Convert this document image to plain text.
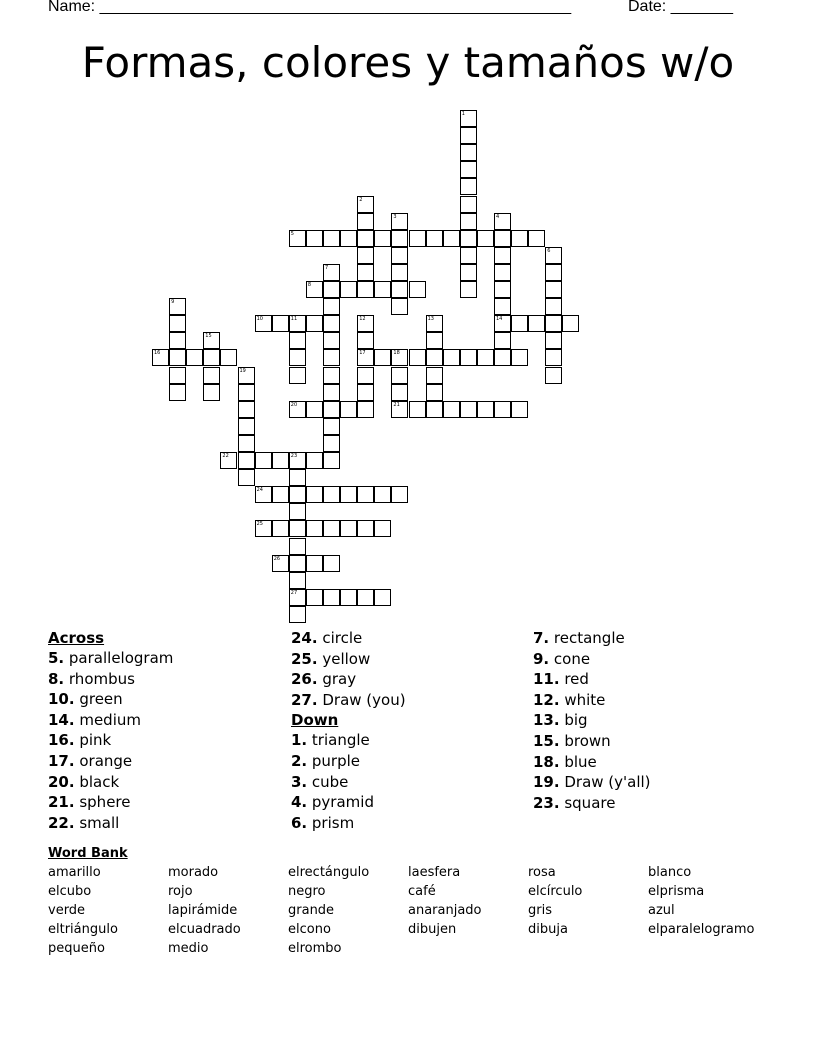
Name: _____________________________________________________	Date: _______
Formas, colores y tamaños w/o
5
8
10	11	14
16	17	18
20	21
22	23
24
25
26
27
1
2
3	4
6
7
9
12	13
15
19
Across
5. parallelogram
8. rhombus
10. green
14. medium
16. pink
17. orange
20. black
21. sphere
22. small
24. circle
25. yellow
26. gray
27. Draw (you)
Down
1. triangle
2. purple
3. cube
4. pyramid
6. prism
7. rectangle
9. cone
11. red
12. white
13. big
15. brown
18. blue
19. Draw (y'all)
23. square
Word Bank
amarillo	morado	elrectángulo	laesfera	rosa	blanco
elcubo	rojo	negro	café	elcírculo	elprisma
verde	lapirámide	grande	anaranjado	gris	azul
eltriángulo	elcuadrado	elcono	dibujen	dibuja	elparalelogramo
pequeño	medio	elrombo
